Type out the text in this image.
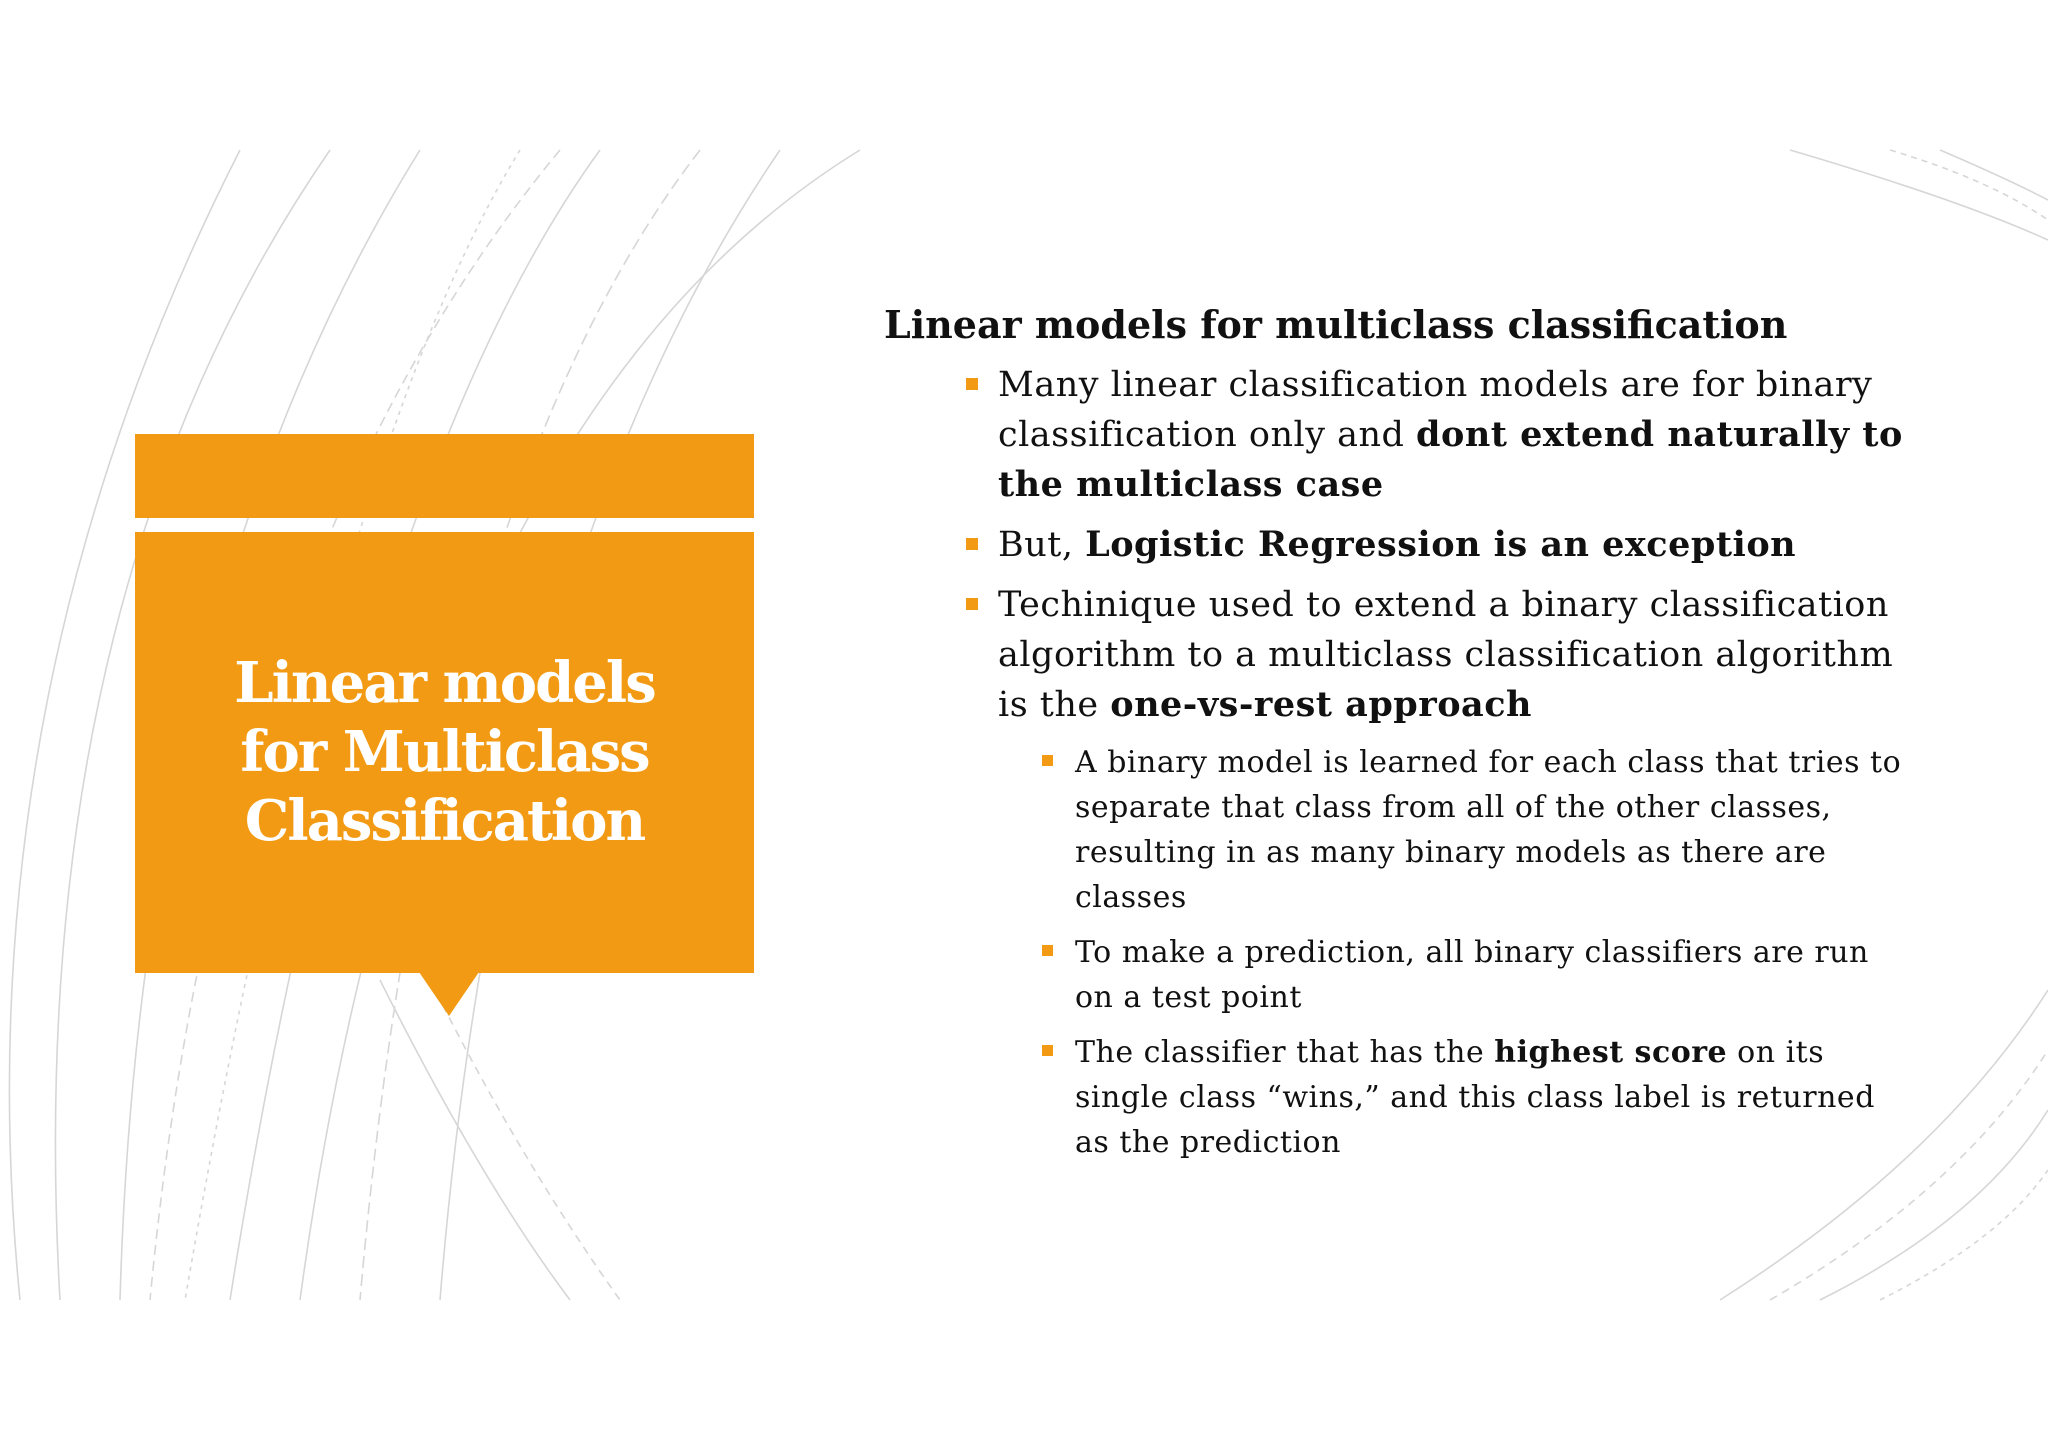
Linear models
for Multiclass
Classification
Linear models for multiclass classification
Many linear classification models are for binary classification only and dont extend naturally to the multiclass case
But, Logistic Regression is an exception
Techinique used to extend a binary classification algorithm to a multiclass classification algorithm is the one-vs-rest approach
A binary model is learned for each class that tries to separate that class from all of the other classes, resulting in as many binary models as there are classes
To make a prediction, all binary classifiers are run on a test point
The classifier that has the highest score on its single class “wins,” and this class label is returned as the prediction
